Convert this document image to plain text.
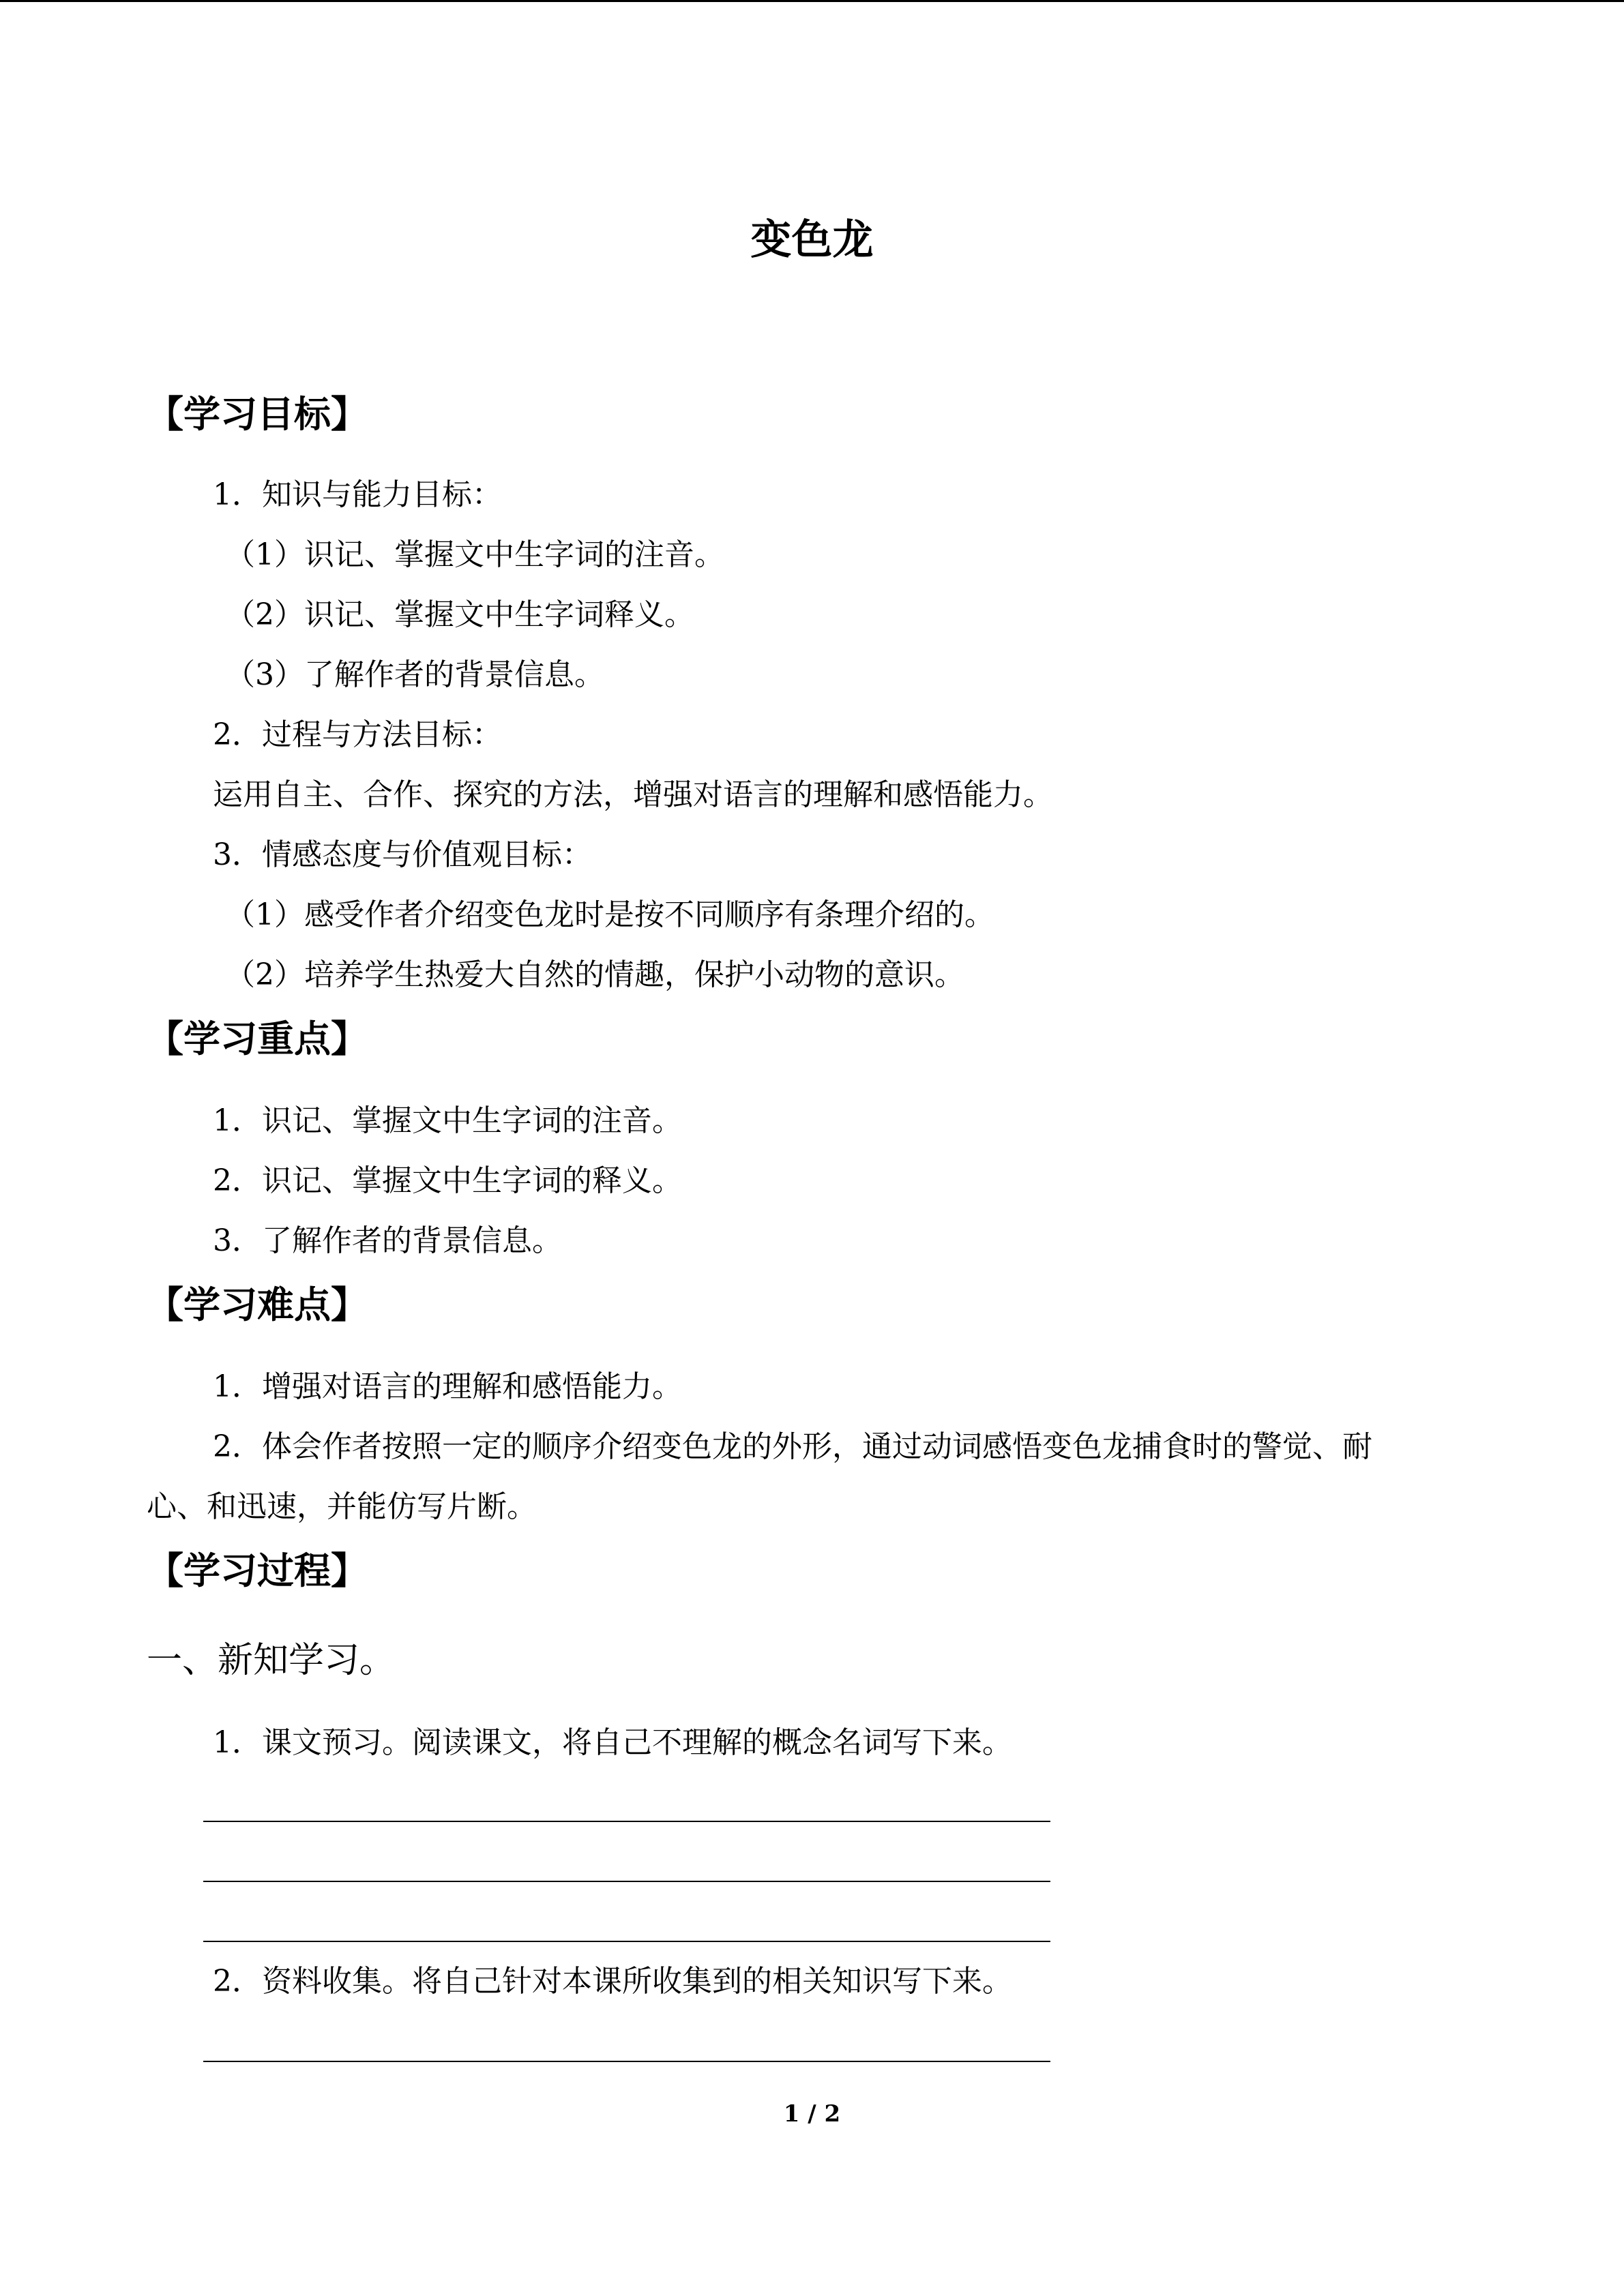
变色龙
【学习目标】
1．知识与能力目标：
（1）识记、掌握文中生字词的注音。
（2）识记、掌握文中生字词释义。
（3）了解作者的背景信息。
2．过程与方法目标：
运用自主、合作、探究的方法，增强对语言的理解和感悟能力。
3．情感态度与价值观目标：
（1）感受作者介绍变色龙时是按不同顺序有条理介绍的。
（2）培养学生热爱大自然的情趣，保护小动物的意识。
【学习重点】
1．识记、掌握文中生字词的注音。
2．识记、掌握文中生字词的释义。
3．了解作者的背景信息。
【学习难点】
1．增强对语言的理解和感悟能力。
2．体会作者按照一定的顺序介绍变色龙的外形，通过动词感悟变色龙捕食时的警觉、耐
心、和迅速，并能仿写片断。
【学习过程】
一、新知学习。
1．课文预习。阅读课文，将自己不理解的概念名词写下来。
2．资料收集。将自己针对本课所收集到的相关知识写下来。
1 / 2
